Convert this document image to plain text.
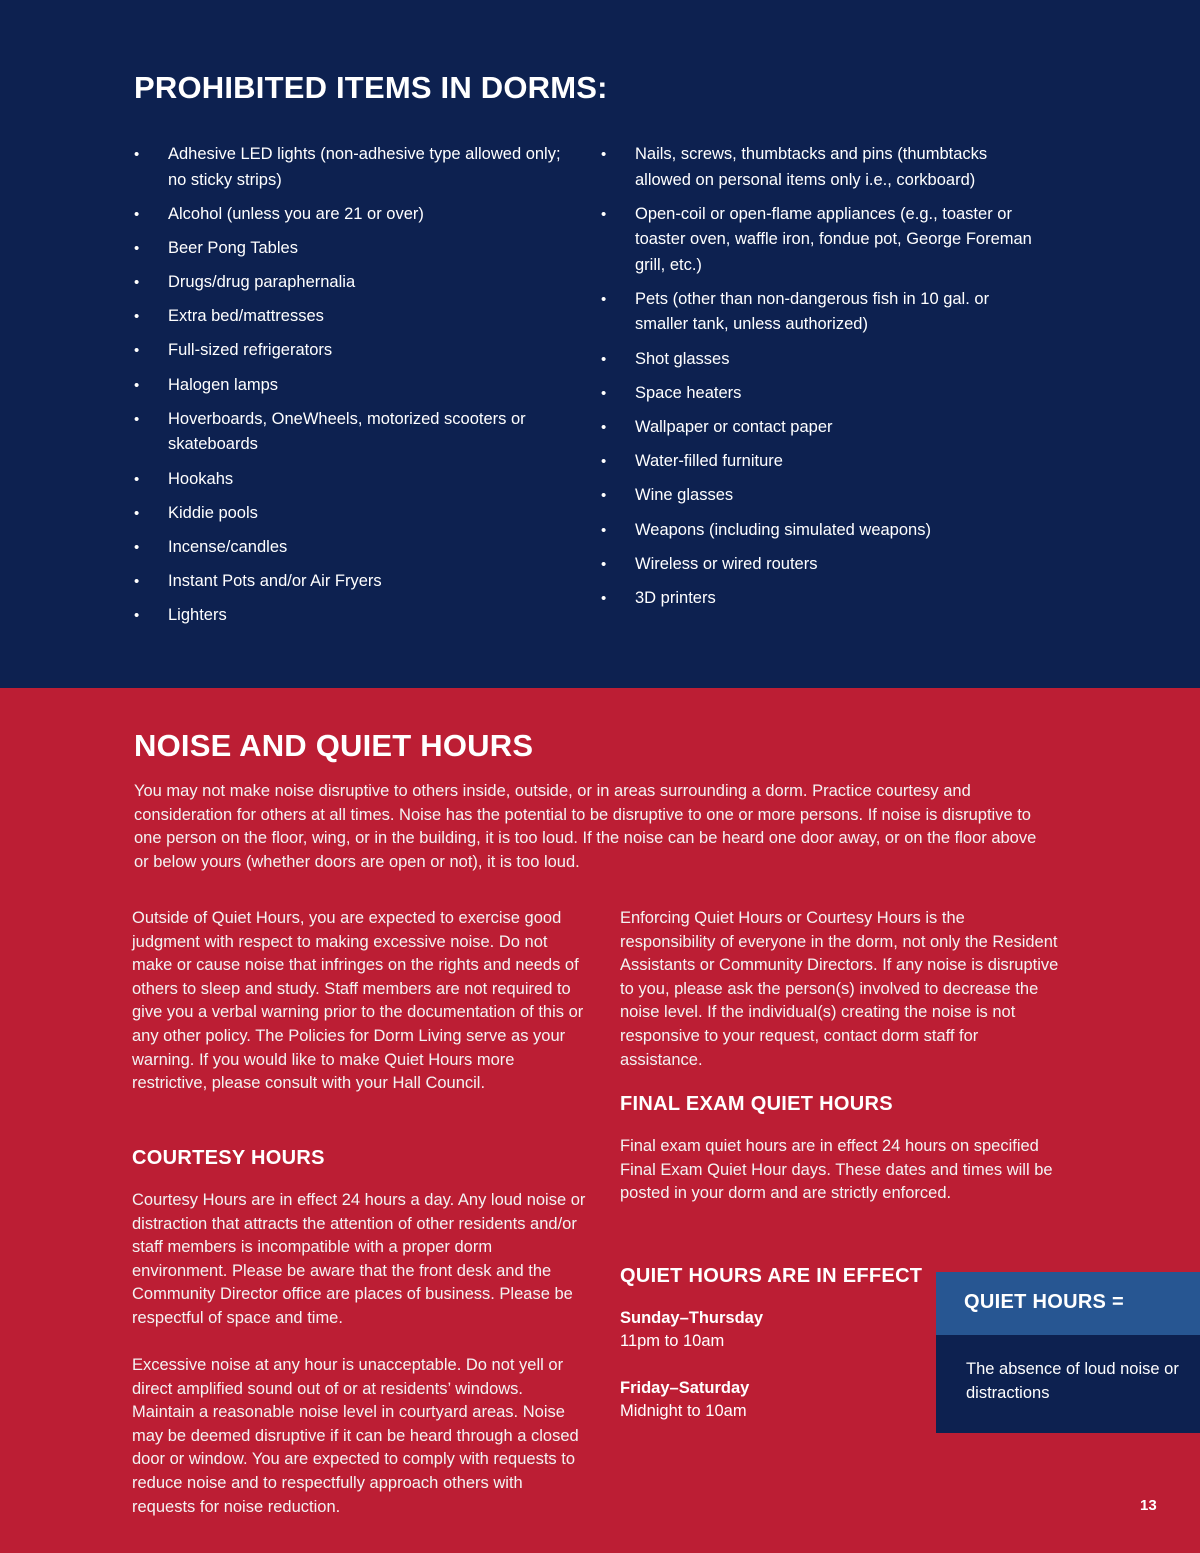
PROHIBITED ITEMS IN DORMS:
• Adhesive LED lights (non-adhesive type allowed only; no sticky strips)
• Alcohol (unless you are 21 or over)
• Beer Pong Tables
• Drugs/drug paraphernalia
• Extra bed/mattresses
• Full-sized refrigerators
• Halogen lamps
• Hoverboards, OneWheels, motorized scooters or skateboards
• Hookahs
• Kiddie pools
• Incense/candles
• Instant Pots and/or Air Fryers
• Lighters
• Nails, screws, thumbtacks and pins (thumbtacks allowed on personal items only i.e., corkboard)
• Open-coil or open-flame appliances (e.g., toaster or toaster oven, waffle iron, fondue pot, George Foreman grill, etc.)
• Pets (other than non-dangerous fish in 10 gal. or smaller tank, unless authorized)
• Shot glasses
• Space heaters
• Wallpaper or contact paper
• Water-filled furniture
• Wine glasses
• Weapons (including simulated weapons)
• Wireless or wired routers
• 3D printers
NOISE AND QUIET HOURS

You may not make noise disruptive to others inside, outside, or in areas surrounding a dorm. Practice courtesy and consideration for others at all times. Noise has the potential to be disruptive to one or more persons. If noise is disruptive to one person on the floor, wing, or in the building, it is too loud. If the noise can be heard one door away, or on the floor above or below yours (whether doors are open or not), it is too loud.

Outside of Quiet Hours, you are expected to exercise good judgment with respect to making excessive noise. Do not make or cause noise that infringes on the rights and needs of others to sleep and study. Staff members are not required to give you a verbal warning prior to the documentation of this or any other policy. The Policies for Dorm Living serve as your warning. If you would like to make Quiet Hours more restrictive, please consult with your Hall Council.

COURTESY HOURS

Courtesy Hours are in effect 24 hours a day. Any loud noise or distraction that attracts the attention of other residents and/or staff members is incompatible with a proper dorm environment. Please be aware that the front desk and the Community Director office are places of business. Please be respectful of space and time.

Excessive noise at any hour is unacceptable. Do not yell or direct amplified sound out of or at residents’ windows. Maintain a reasonable noise level in courtyard areas. Noise may be deemed disruptive if it can be heard through a closed door or window. You are expected to comply with requests to reduce noise and to respectfully approach others with requests for noise reduction.

Enforcing Quiet Hours or Courtesy Hours is the responsibility of everyone in the dorm, not only the Resident Assistants or Community Directors. If any noise is disruptive to you, please ask the person(s) involved to decrease the noise level. If the individual(s) creating the noise is not responsive to your request, contact dorm staff for assistance.

FINAL EXAM QUIET HOURS

Final exam quiet hours are in effect 24 hours on specified Final Exam Quiet Hour days. These dates and times will be posted in your dorm and are strictly enforced.

QUIET HOURS ARE IN EFFECT

Sunday–Thursday

11pm to 10am

Friday–Saturday

Midnight to 10am

QUIET HOURS =
The absence of loud noise or distractions
13
